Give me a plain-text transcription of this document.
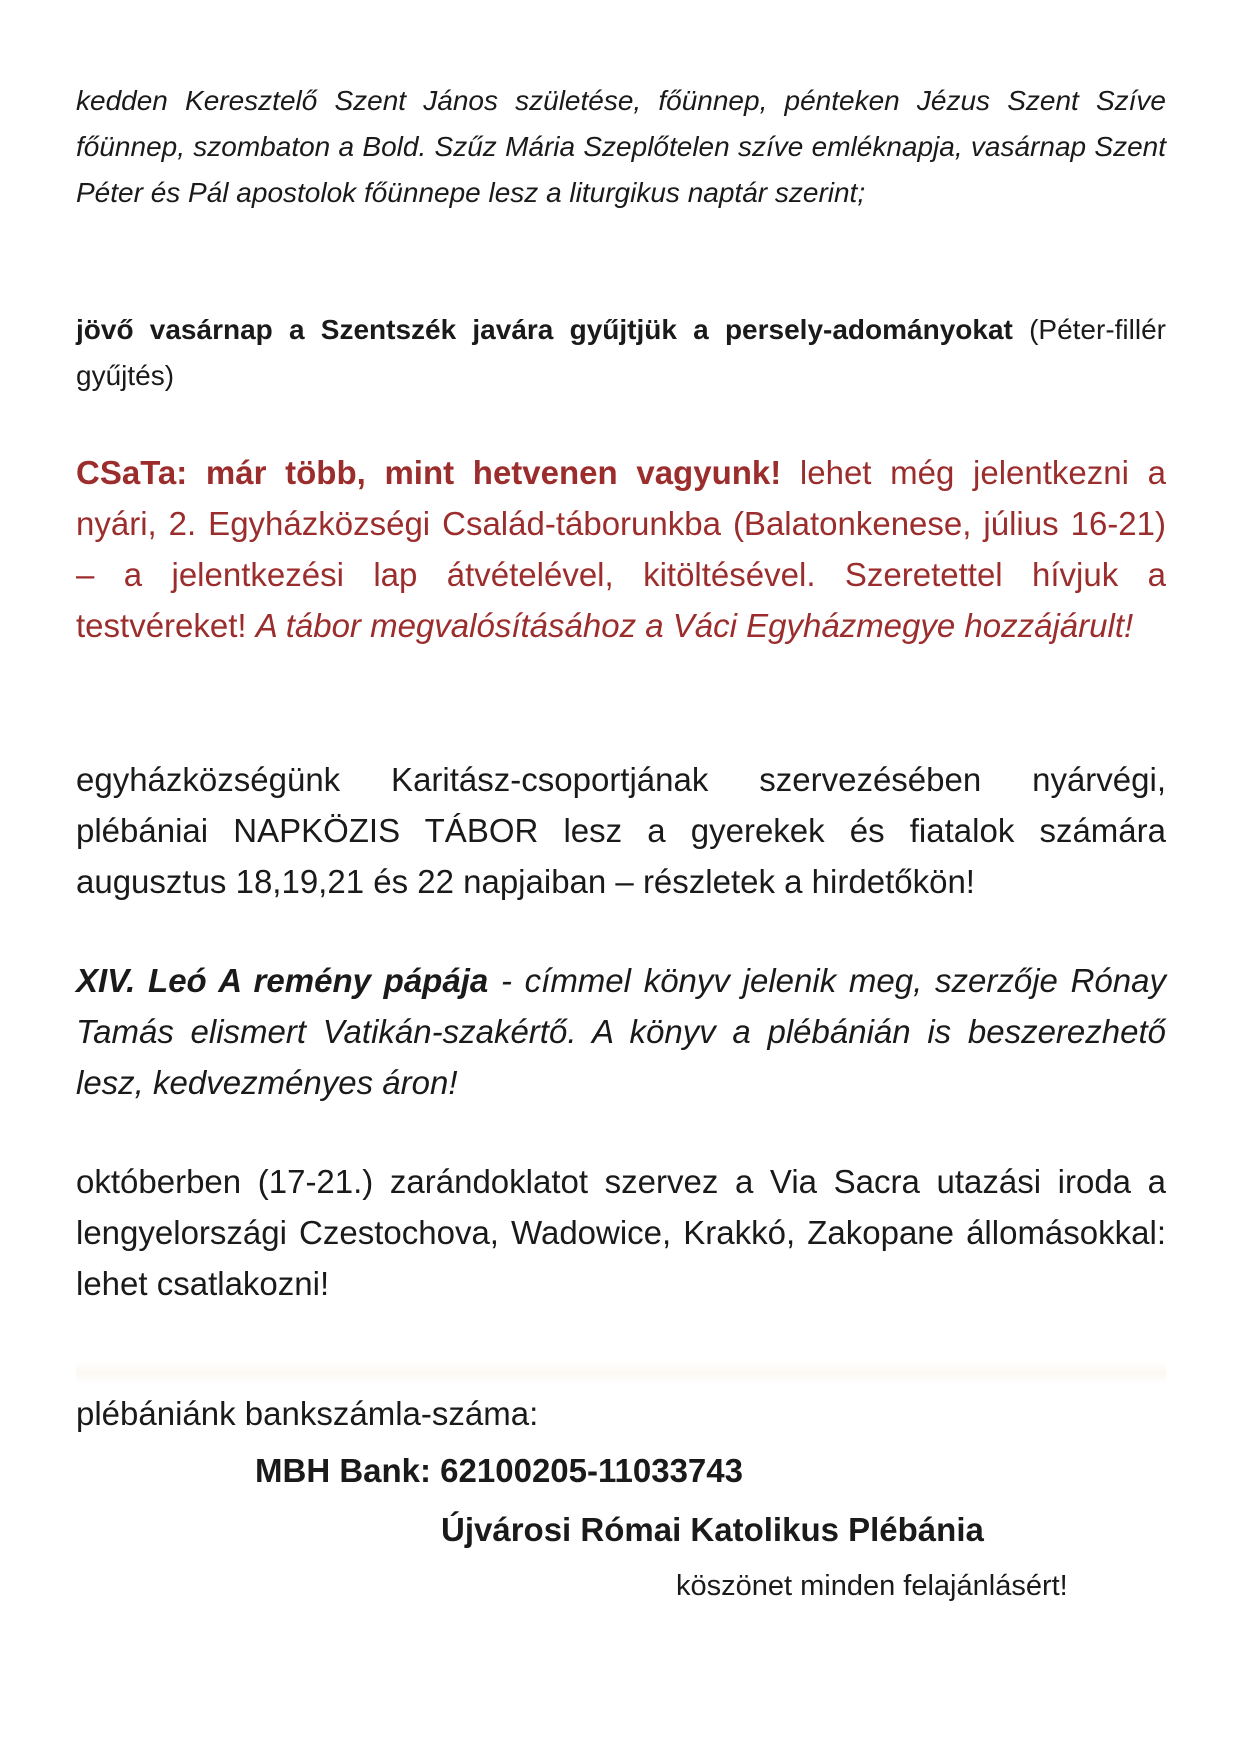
kedden Keresztelő Szent János születése, főünnep, pénteken Jézus Szent Szíve főünnep, szombaton a Bold. Szűz Mária Szeplőtelen szíve emléknapja, vasárnap Szent Péter és Pál apostolok főünnepe lesz a liturgikus naptár szerint;

jövő vasárnap a Szentszék javára gyűjtjük a persely-adományokat (Péter-fillér gyűjtés)

CSaTa: már több, mint hetvenen vagyunk! lehet még jelentkezni a nyári, 2. Egyházközségi Család-táborunkba (Balatonkenese, július 16-21) – a jelentkezési lap átvételével, kitöltésével. Szeretettel hívjuk a testvéreket! A tábor megvalósításához a Váci Egyházmegye hozzájárult!

egyházközségünk Karitász-csoportjának szervezésében nyárvégi, plébániai NAPKÖZIS TÁBOR lesz a gyerekek és fiatalok számára augusztus 18,19,21 és 22 napjaiban – részletek a hirdetőkön!

XIV. Leó A remény pápája - címmel könyv jelenik meg, szerzője Rónay Tamás elismert Vatikán-szakértő. A könyv a plébánián is beszerezhető lesz, kedvezményes áron!

októberben (17-21.) zarándoklatot szervez a Via Sacra utazási iroda a lengyelországi Czestochova, Wadowice, Krakkó, Zakopane állomásokkal: lehet csatlakozni!

plébániánk bankszámla-száma:

MBH Bank: 62100205-11033743

Újvárosi Római Katolikus Plébánia

köszönet minden felajánlásért!
